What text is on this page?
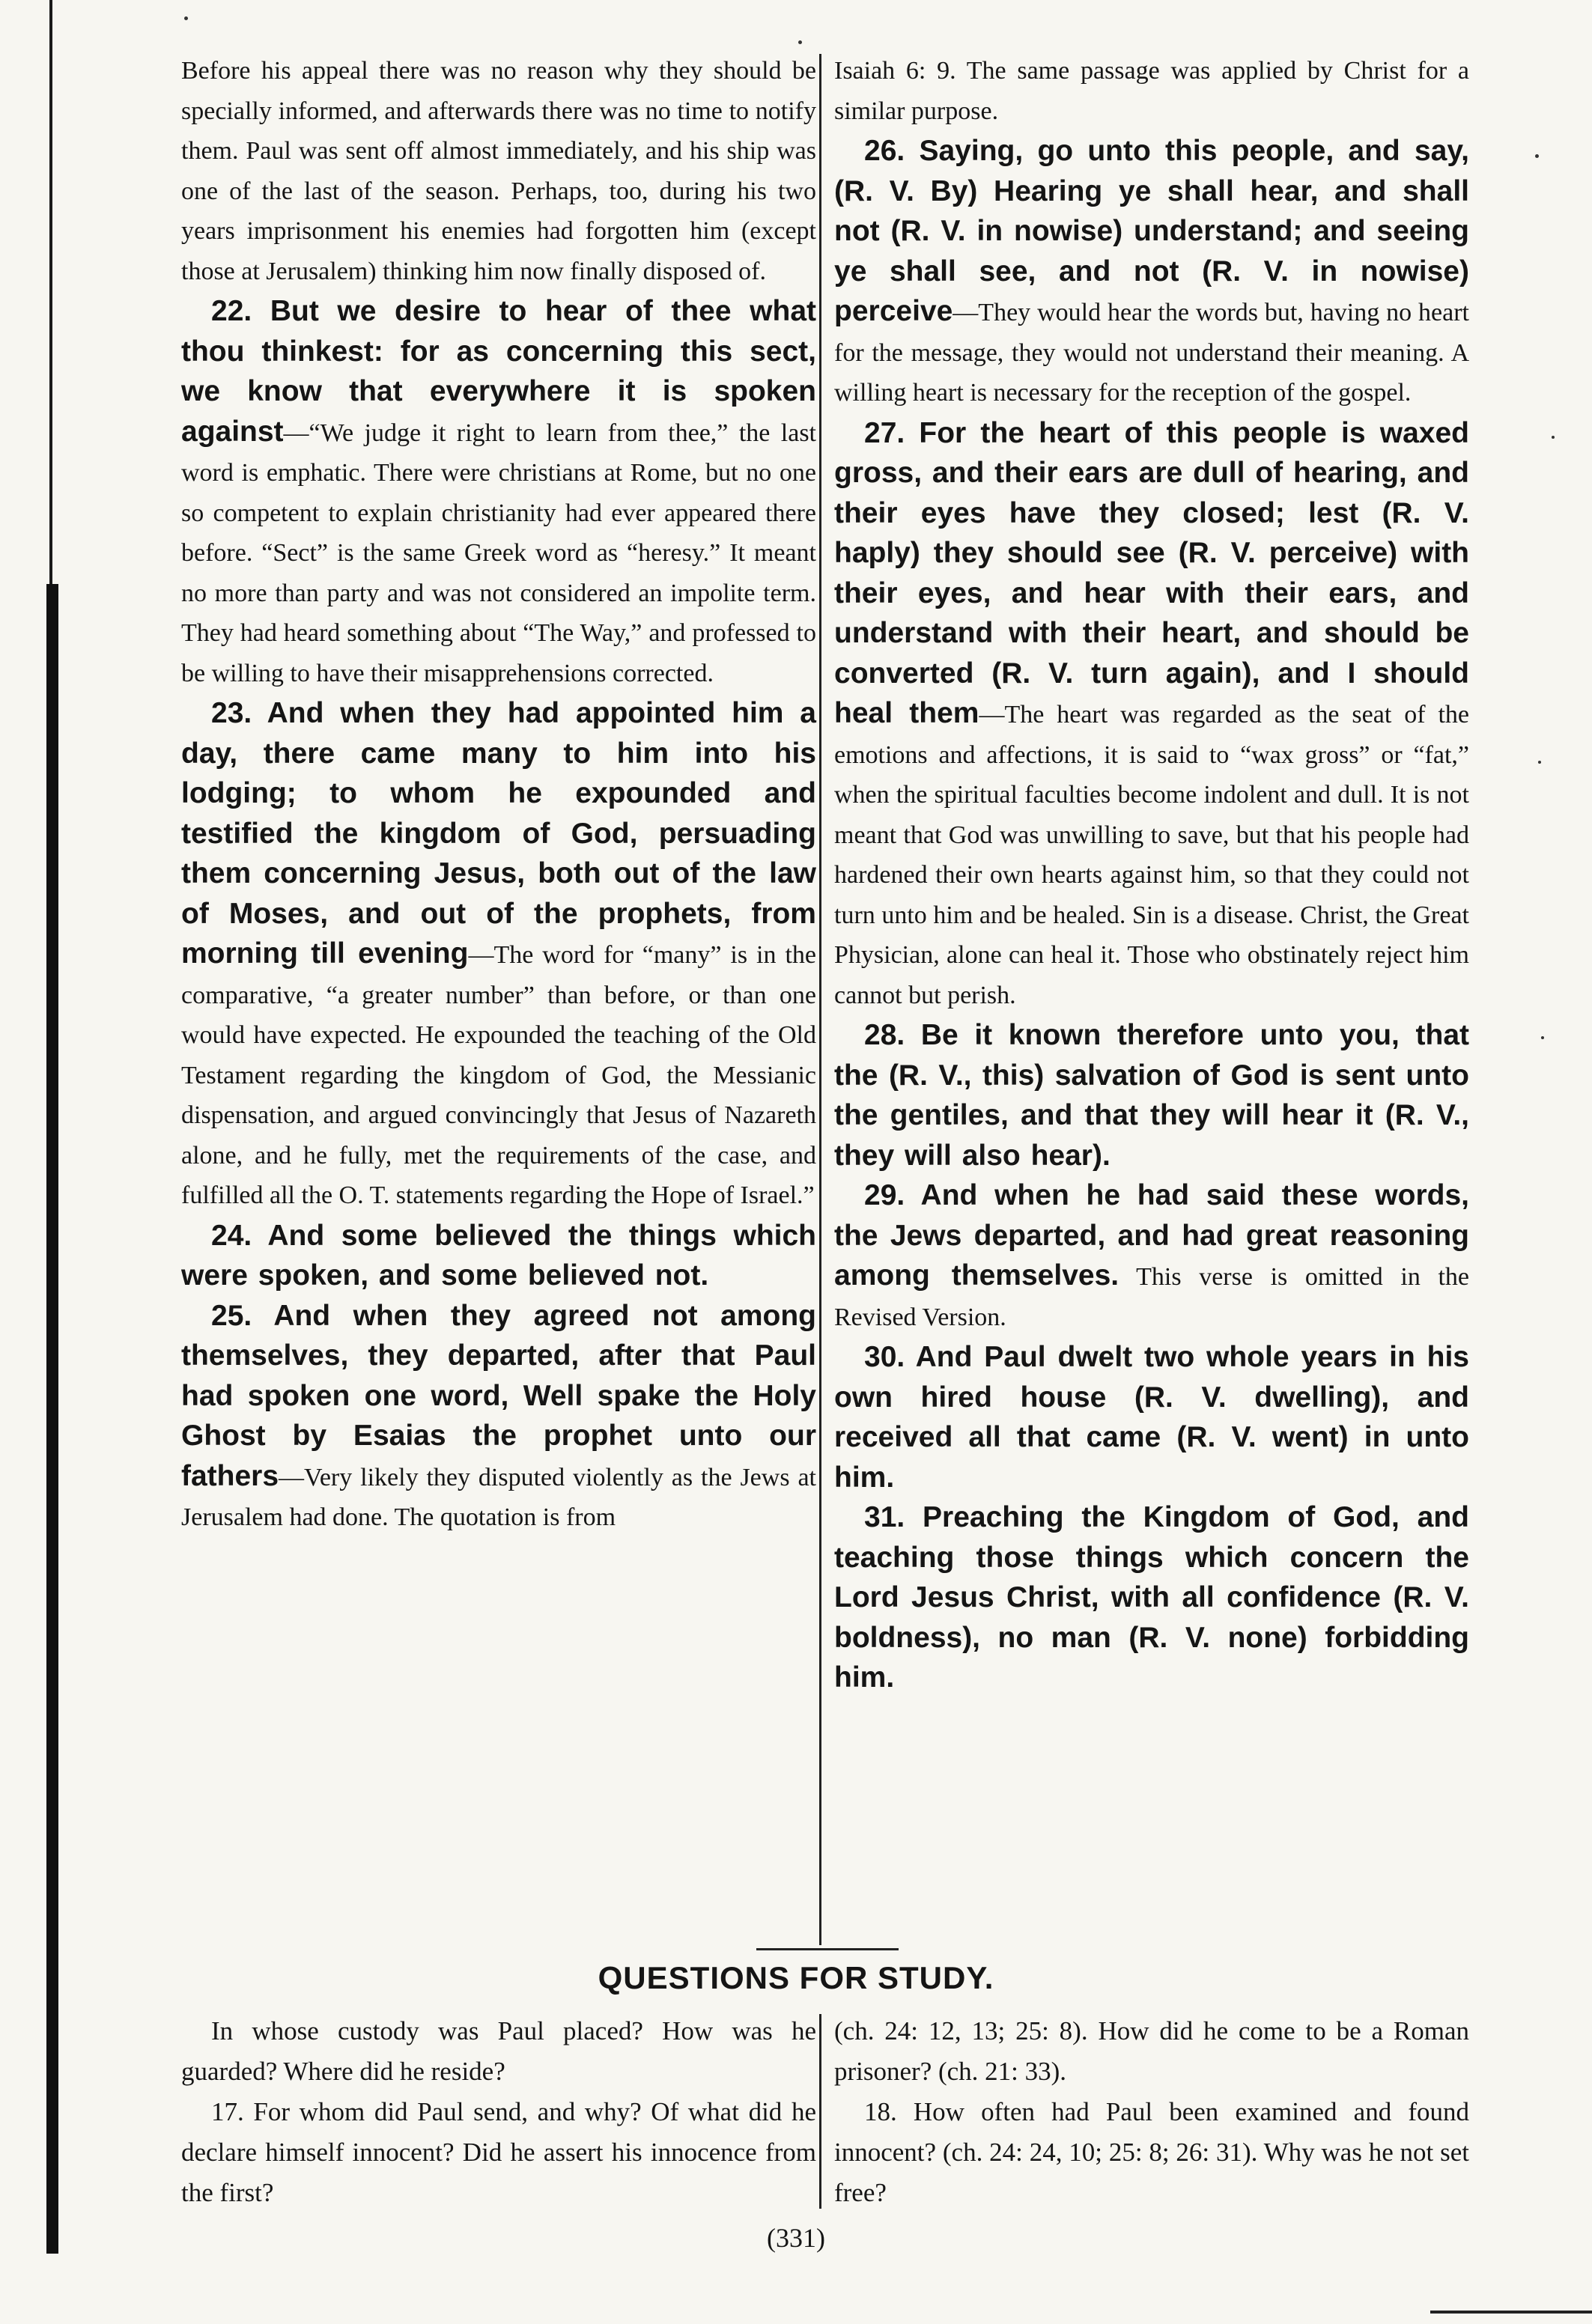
Before his appeal there was no reason why they should be specially informed, and afterwards there was no time to notify them. Paul was sent off almost immediately, and his ship was one of the last of the season. Perhaps, too, during his two years imprisonment his enemies had forgotten him (except those at Jerusalem) thinking him now finally disposed of.

22. But we desire to hear of thee what thou thinkest: for as concerning this sect, we know that everywhere it is spoken against—“We judge it right to learn from thee,” the last word is emphatic. There were christians at Rome, but no one so competent to explain christianity had ever appeared there before. “Sect” is the same Greek word as “heresy.” It meant no more than party and was not considered an impolite term. They had heard something about “The Way,” and professed to be willing to have their misapprehensions corrected.

23. And when they had appointed him a day, there came many to him into his lodging; to whom he expounded and testified the kingdom of God, persuading them concerning Jesus, both out of the law of Moses, and out of the prophets, from morning till evening—The word for “many” is in the comparative, “a greater number” than before, or than one would have expected. He expounded the teaching of the Old Testament regarding the kingdom of God, the Messianic dispensation, and argued convincingly that Jesus of Nazareth alone, and he fully, met the requirements of the case, and fulfilled all the O. T. statements regarding the Hope of Israel.”

24. And some believed the things which were spoken, and some believed not.

25. And when they agreed not among themselves, they departed, after that Paul had spoken one word, Well spake the Holy Ghost by Esaias the prophet unto our fathers—Very likely they disputed violently as the Jews at Jerusalem had done. The quotation is from

Isaiah 6: 9. The same passage was applied by Christ for a similar purpose.

26. Saying, go unto this people, and say, (R. V. By) Hearing ye shall hear, and shall not (R. V. in nowise) understand; and seeing ye shall see, and not (R. V. in nowise) perceive—They would hear the words but, having no heart for the message, they would not understand their meaning. A willing heart is necessary for the reception of the gospel.

27. For the heart of this people is waxed gross, and their ears are dull of hearing, and their eyes have they closed; lest (R. V. haply) they should see (R. V. perceive) with their eyes, and hear with their ears, and understand with their heart, and should be converted (R. V. turn again), and I should heal them—The heart was regarded as the seat of the emotions and affections, it is said to “wax gross” or “fat,” when the spiritual faculties become indolent and dull. It is not meant that God was unwilling to save, but that his people had hardened their own hearts against him, so that they could not turn unto him and be healed. Sin is a disease. Christ, the Great Physician, alone can heal it. Those who obstinately reject him cannot but perish.

28. Be it known therefore unto you, that the (R. V., this) salvation of God is sent unto the gentiles, and that they will hear it (R. V., they will also hear).

29. And when he had said these words, the Jews departed, and had great reasoning among themselves. This verse is omitted in the Revised Version.

30. And Paul dwelt two whole years in his own hired house (R. V. dwelling), and received all that came (R. V. went) in unto him.

31. Preaching the Kingdom of God, and teaching those things which concern the Lord Jesus Christ, with all confidence (R. V. boldness), no man (R. V. none) forbidding him.

QUESTIONS FOR STUDY.

In whose custody was Paul placed? How was he guarded? Where did he reside?

17. For whom did Paul send, and why? Of what did he declare himself innocent? Did he assert his innocence from the first?

(ch. 24: 12, 13; 25: 8). How did he come to be a Roman prisoner? (ch. 21: 33).

18. How often had Paul been examined and found innocent? (ch. 24: 24, 10; 25: 8; 26: 31). Why was he not set free?

(331)
